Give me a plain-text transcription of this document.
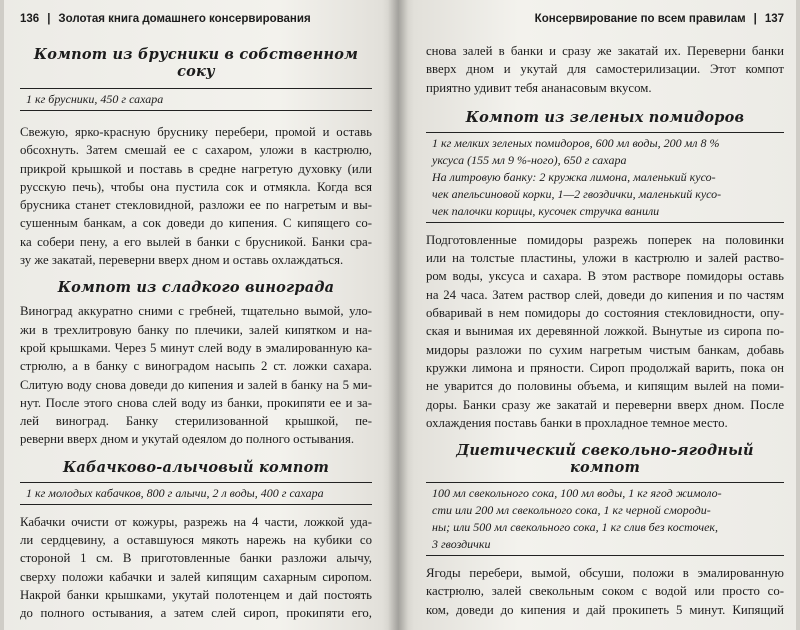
136 | Золотая книга домашнего консервирования
Компот из брусники в собственном соку
1 кг брусники, 450 г сахара
Свежую, ярко-красную бруснику перебери, промой и оставь
обсохнуть. Затем смешай ее с сахаром, уложи в кастрюлю,
прикрой крышкой и поставь в средне нагретую духовку (или
русскую печь), чтобы она пустила сок и отмякла. Когда вся
брусника станет стекловидной, разложи ее по нагретым и вы-
сушенным банкам, а сок доведи до кипения. С кипящего со-
ка собери пену, а его вылей в банки с брусникой. Банки сра-
зу же закатай, переверни вверх дном и оставь охлаждаться.
Компот из сладкого винограда
Виноград аккуратно сними с гребней, тщательно вымой, уло-
жи в трехлитровую банку по плечики, залей кипятком и на-
крой крышками. Через 5 минут слей воду в эмалированную ка-
стрюлю, а в банку с виноградом насыпь 2 ст. ложки сахара.
Слитую воду снова доведи до кипения и залей в банку на 5 ми-
нут. После этого снова слей воду из банки, прокипяти ее и за-
лей виноград. Банку стерилизованной крышкой, пе-
реверни вверх дном и укутай одеялом до полного остывания.
Кабачково-алычовый компот
1 кг молодых кабачков, 800 г алычи, 2 л воды, 400 г сахара
Кабачки очисти от кожуры, разрежь на 4 части, ложкой уда-
ли сердцевину, а оставшуюся мякоть нарежь на кубики со
стороной 1 см. В приготовленные банки разложи алычу,
сверху положи кабачки и залей кипящим сахарным сиропом.
Накрой банки крышками, укутай полотенцем и дай постоять
до полного остывания, а затем слей сироп, прокипяти его,
Консервирование по всем правилам | 137
снова залей в банки и сразу же закатай их. Переверни банки
вверх дном и укутай для самостерилизации. Этот компот
приятно удивит тебя ананасовым вкусом.
Компот из зеленых помидоров
1 кг мелких зеленых помидоров, 600 мл воды, 200 мл 8 %
уксуса (155 мл 9 %-ного), 650 г сахара
На литровую банку: 2 кружка лимона, маленький кусо-
чек апельсиновой корки, 1—2 гвоздички, маленький кусо-
чек палочки корицы, кусочек стручка ванили
Подготовленные помидоры разрежь поперек на половинки
или на толстые пластины, уложи в кастрюлю и залей раство-
ром воды, уксуса и сахара. В этом растворе помидоры оставь
на 24 часа. Затем раствор слей, доведи до кипения и по частям
обваривай в нем помидоры до состояния стекловидности, опу-
ская и вынимая их деревянной ложкой. Вынутые из сиропа по-
мидоры разложи по сухим нагретым чистым банкам, добавь
кружки лимона и пряности. Сироп продолжай варить, пока он
не уварится до половины объема, и кипящим вылей на поми-
доры. Банки сразу же закатай и переверни вверх дном. После
охлаждения поставь банки в прохладное темное место.
Диетический свекольно-ягодный компот
100 мл свекольного сока, 100 мл воды, 1 кг ягод жимоло-
сти или 200 мл свекольного сока, 1 кг черной смороди-
ны; или 500 мл свекольного сока, 1 кг слив без косточек,
3 гвоздички
Ягоды перебери, вымой, обсуши, положи в эмалированную
кастрюлю, залей свекольным соком с водой или просто со-
ком, доведи до кипения и дай прокипеть 5 минут. Кипящий
